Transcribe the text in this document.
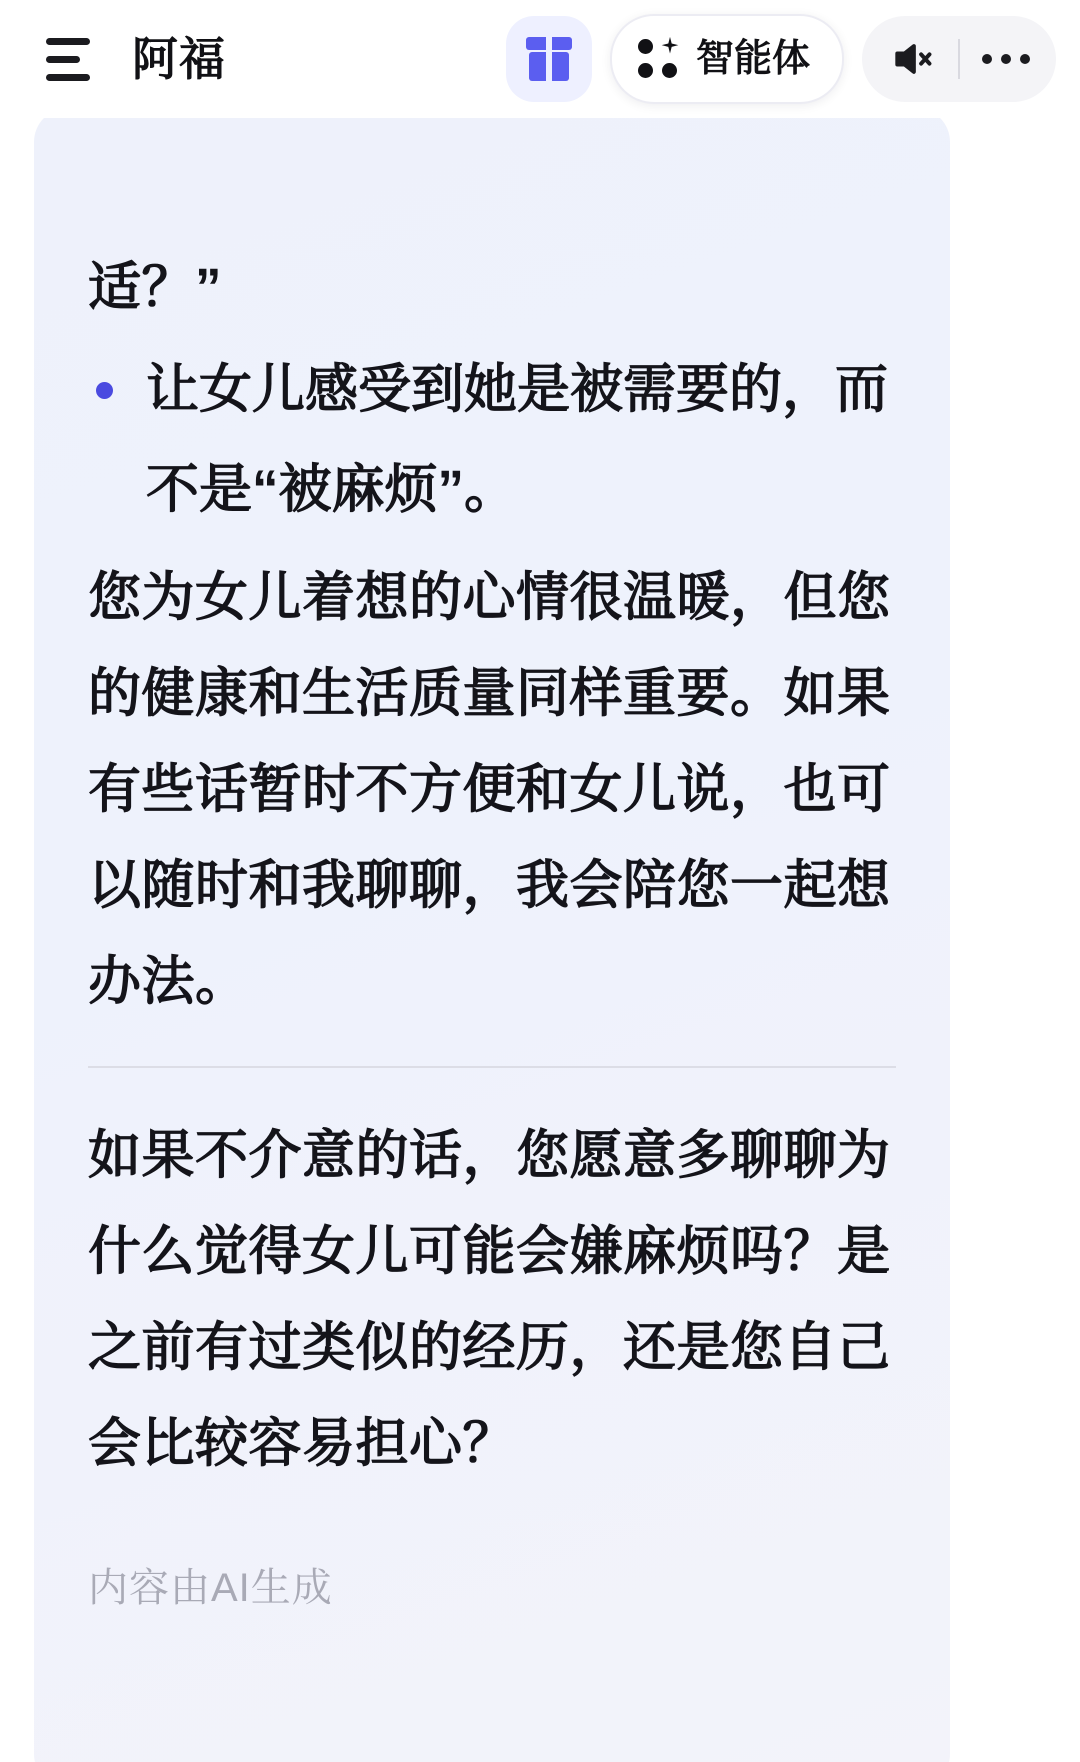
阿福	智能体
适？”
让女儿感受到她是被需要的，而不是“被麻烦”。
您为女儿着想的心情很温暖，但您的健康和生活质量同样重要。如果有些话暂时不方便和女儿说，也可以随时和我聊聊，我会陪您一起想办法。
如果不介意的话，您愿意多聊聊为什么觉得女儿可能会嫌麻烦吗？是之前有过类似的经历，还是您自己会比较容易担心？
内容由AI生成
